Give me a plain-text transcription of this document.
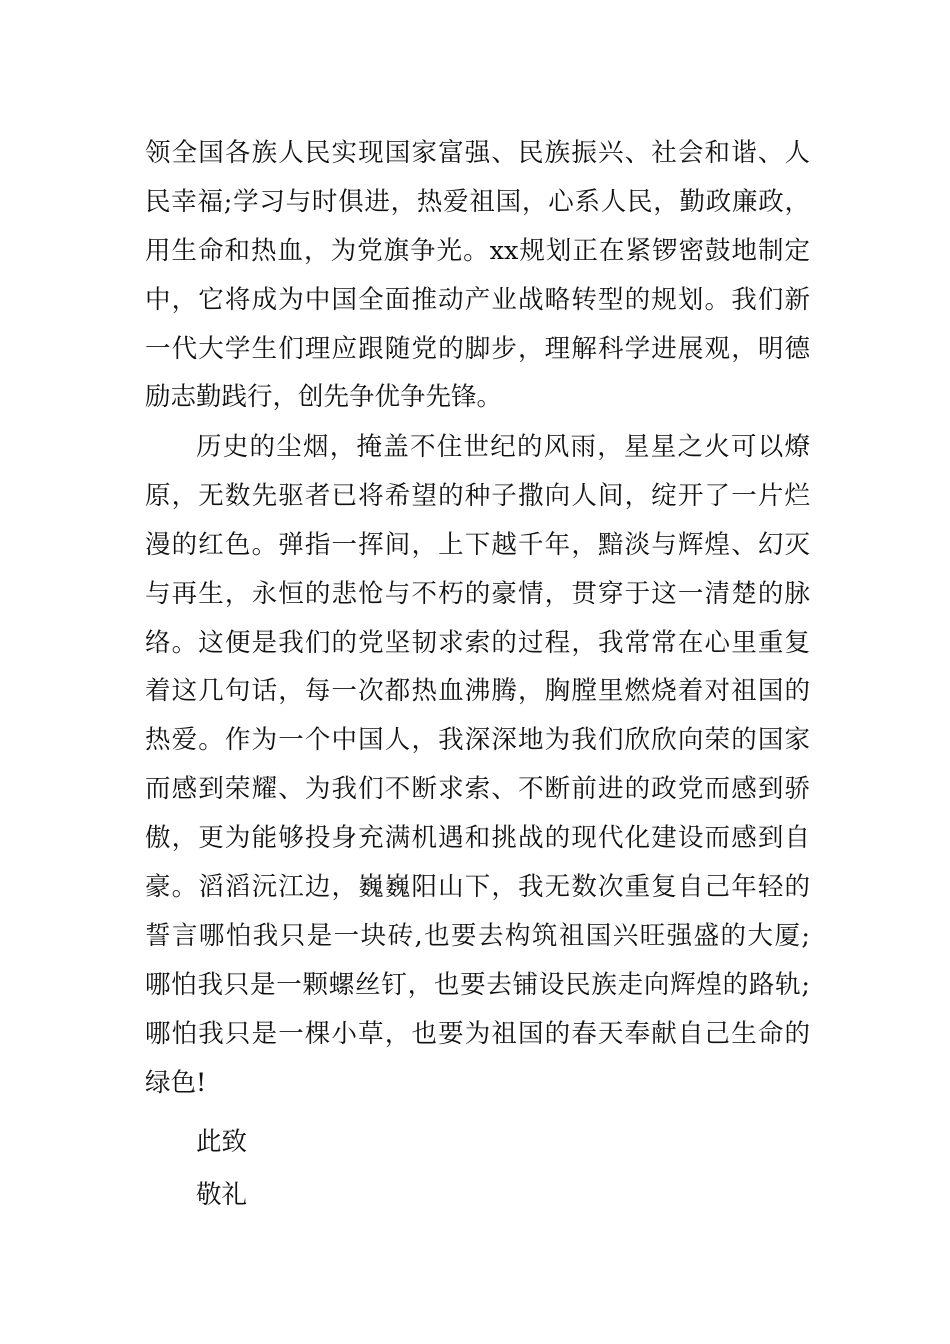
领全国各族人民实现国家富强、民族振兴、社会和谐、人
民幸福;学习与时俱进，热爱祖国，心系人民，勤政廉政，
用生命和热血，为党旗争光。xx规划正在紧锣密鼓地制定
中，它将成为中国全面推动产业战略转型的规划。我们新
一代大学生们理应跟随党的脚步，理解科学进展观，明德
励志勤践行，创先争优争先锋。
历史的尘烟，掩盖不住世纪的风雨，星星之火可以燎
原，无数先驱者已将希望的种子撒向人间，绽开了一片烂
漫的红色。弹指一挥间，上下越千年，黯淡与辉煌、幻灭
与再生，永恒的悲怆与不朽的豪情，贯穿于这一清楚的脉
络。这便是我们的党坚韧求索的过程，我常常在心里重复
着这几句话，每一次都热血沸腾，胸膛里燃烧着对祖国的
热爱。作为一个中国人，我深深地为我们欣欣向荣的国家
而感到荣耀、为我们不断求索、不断前进的政党而感到骄
傲，更为能够投身充满机遇和挑战的现代化建设而感到自
豪。滔滔沅江边，巍巍阳山下，我无数次重复自己年轻的
誓言哪怕我只是一块砖,也要去构筑祖国兴旺强盛的大厦;
哪怕我只是一颗螺丝钉，也要去铺设民族走向辉煌的路轨;
哪怕我只是一棵小草，也要为祖国的春天奉献自己生命的
绿色!
此致
敬礼
